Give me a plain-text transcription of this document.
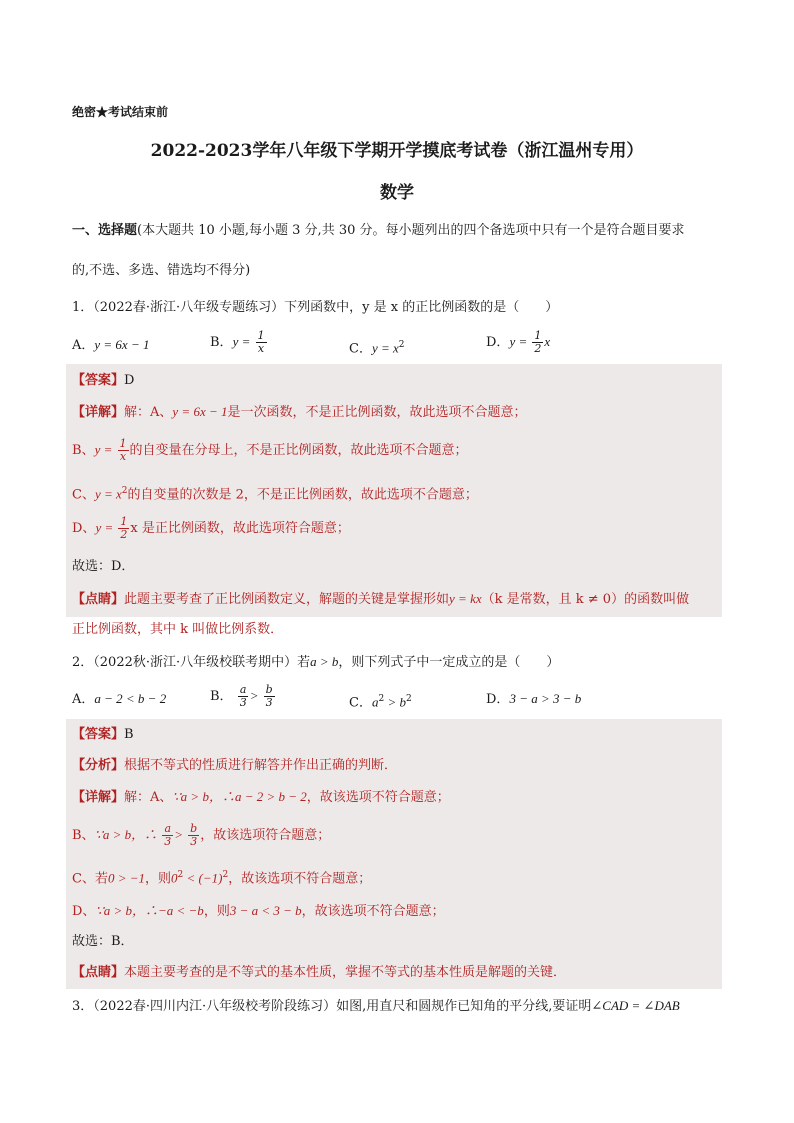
绝密★考试结束前
2022-2023学年八年级下学期开学摸底考试卷（浙江温州专用）
数学
一、选择题(本大题共 10 小题,每小题 3 分,共 30 分。每小题列出的四个备选项中只有一个是符合题目要求
的,不选、多选、错选均不得分)
1．（2022春·浙江·八年级专题练习）下列函数中，y 是 x 的正比例函数的是（　　）
A．y = 6x − 1	B．$y = \frac{1}{x}$	C．$y = x^2$	D．$y = \frac{1}{2}$ x
【答案】D
【详解】解：A、y = 6x − 1是一次函数，不是正比例函数，故此选项不合题意；
B、$y = \frac{1}{x}$ 的自变量在分母上，不是正比例函数，故此选项不合题意；
C、$y = x^2$的自变量的次数是 2，不是正比例函数，故此选项不合题意；
D、$y = \frac{1}{2}$ x 是正比例函数，故此选项符合题意；
故选：D．
【点睛】此题主要考查了正比例函数定义，解题的关键是掌握形如y = kx（k 是常数，且 k ≠ 0）的函数叫做
正比例函数，其中 k 叫做比例系数．
2．（2022秋·浙江·八年级校联考期中）若a > b，则下列式子中一定成立的是（　　）
A．a − 2 < b − 2	B． $\frac{a}{3} > \frac{b}{3}$	C．$a^2 > b^2$	D．3 − a > 3 − b
【答案】B
【分析】根据不等式的性质进行解答并作出正确的判断．
【详解】解：A、∵a > b，∴a − 2 > b − 2，故该选项不符合题意；
B、∵a > b，∴ $\frac{a}{3} > \frac{b}{3}$ ，故该选项符合题意；
C、若0 > −1，则$0^2 < (-1)^2$，故该选项不符合题意；
D、∵a > b，∴−a < −b，则3 − a < 3 − b，故该选项不符合题意；
故选：B．
【点睛】本题主要考查的是不等式的基本性质，掌握不等式的基本性质是解题的关键．
3．（2022春·四川内江·八年级校考阶段练习）如图,用直尺和圆规作已知角的平分线,要证明∠CAD = ∠DAB
